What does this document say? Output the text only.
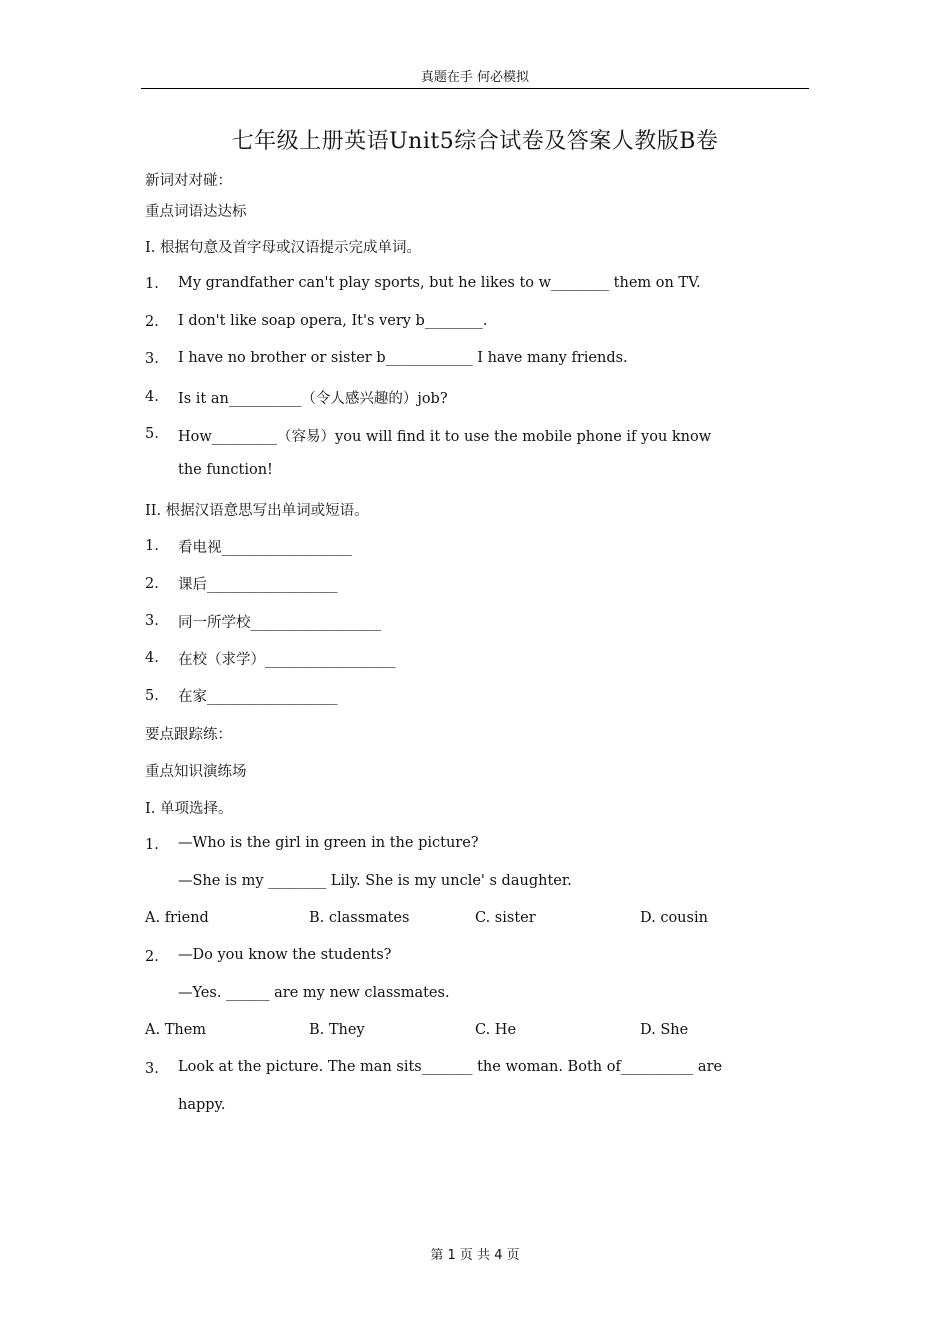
真题在手 何必模拟
七年级上册英语Unit5综合试卷及答案人教版B卷
新词对对碰：
重点词语达达标
I. 根据句意及首字母或汉语提示完成单词。
1. My grandfather can't play sports, but he likes to w________ them on TV.
2. I don't like soap opera, It's very b________.
3. I have no brother or sister b____________ I have many friends.
4. Is it an__________（令人感兴趣的）job?
5. How_________（容易）you will find it to use the mobile phone if you know
the function!
II. 根据汉语意思写出单词或短语。
1. 看电视__________________
2. 课后__________________
3. 同一所学校__________________
4. 在校（求学）__________________
5. 在家__________________
要点跟踪练：
重点知识演练场
I. 单项选择。
1. —Who is the girl in green in the picture?
—She is my ________ Lily. She is my uncle' s daughter.
A. friend	B. classmates	C. sister	D. cousin
2. —Do you know the students?
—Yes. ______ are my new classmates.
A. Them	B. They	C. He	D. She
3. Look at the picture. The man sits_______ the woman. Both of__________ are
happy.
第 1 页 共 4 页
